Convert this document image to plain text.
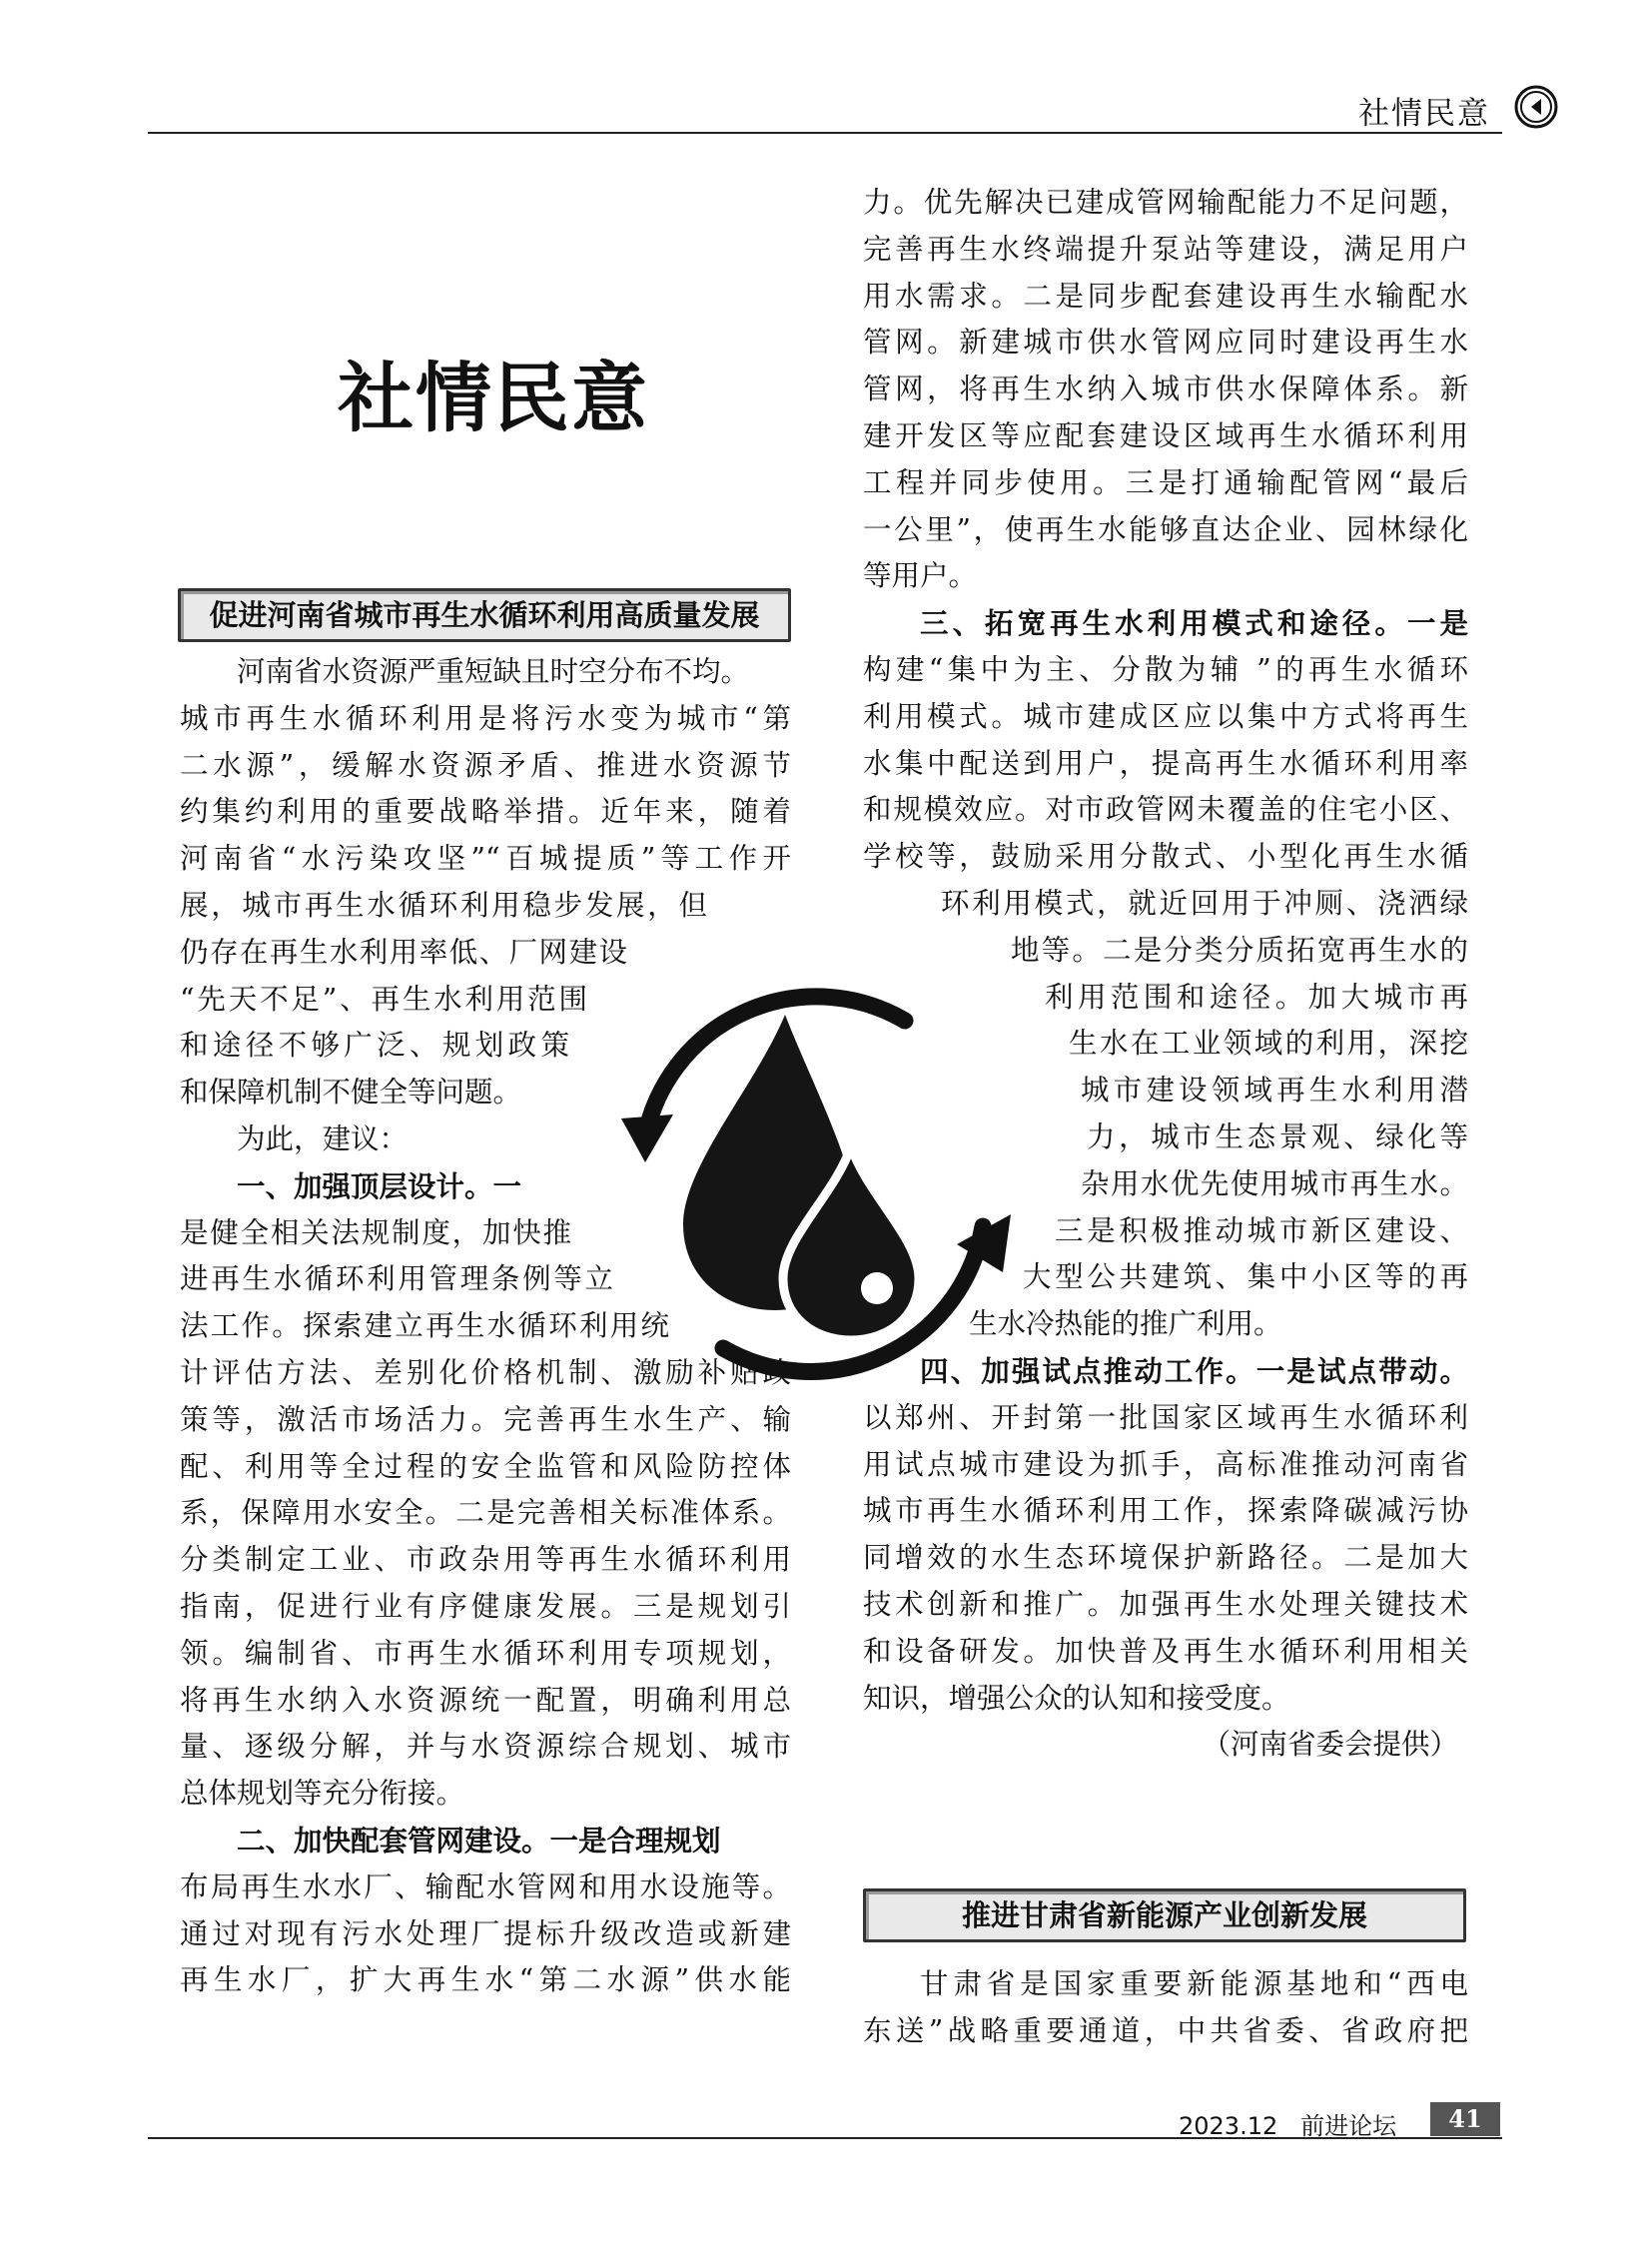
社情民意
社情民意
促进河南省城市再生水循环利用高质量发展
河南省水资源严重短缺且时空分布不均。
城市再生水循环利用是将污水变为城市“第
二水源”，缓解水资源矛盾、推进水资源节
约集约利用的重要战略举措。近年来，随着
河南省“水污染攻坚”“百城提质”等工作开
展，城市再生水循环利用稳步发展，但
仍存在再生水利用率低、厂网建设
“先天不足”、再生水利用范围
和途径不够广泛、规划政策
和保障机制不健全等问题。
为此，建议：
一、加强顶层设计。一
是健全相关法规制度，加快推
进再生水循环利用管理条例等立
法工作。探索建立再生水循环利用统
计评估方法、差别化价格机制、激励补贴政
策等，激活市场活力。完善再生水生产、输
配、利用等全过程的安全监管和风险防控体
系，保障用水安全。二是完善相关标准体系。
分类制定工业、市政杂用等再生水循环利用
指南，促进行业有序健康发展。三是规划引
领。编制省、市再生水循环利用专项规划，
将再生水纳入水资源统一配置，明确利用总
量、逐级分解，并与水资源综合规划、城市
总体规划等充分衔接。
二、加快配套管网建设。一是合理规划
布局再生水水厂、输配水管网和用水设施等。
通过对现有污水处理厂提标升级改造或新建
再生水厂，扩大再生水“第二水源”供水能
力。优先解决已建成管网输配能力不足问题，
完善再生水终端提升泵站等建设，满足用户
用水需求。二是同步配套建设再生水输配水
管网。新建城市供水管网应同时建设再生水
管网，将再生水纳入城市供水保障体系。新
建开发区等应配套建设区域再生水循环利用
工程并同步使用。三是打通输配管网“最后
一公里”，使再生水能够直达企业、园林绿化
等用户。
三、拓宽再生水利用模式和途径。一是
构建“集中为主、分散为辅 ”的再生水循环
利用模式。城市建成区应以集中方式将再生
水集中配送到用户，提高再生水循环利用率
和规模效应。对市政管网未覆盖的住宅小区、
学校等，鼓励采用分散式、小型化再生水循
环利用模式，就近回用于冲厕、浇洒绿
地等。二是分类分质拓宽再生水的
利用范围和途径。加大城市再
生水在工业领域的利用，深挖
城市建设领域再生水利用潜
力，城市生态景观、绿化等
杂用水优先使用城市再生水。
三是积极推动城市新区建设、
大型公共建筑、集中小区等的再
生水冷热能的推广利用。
四、加强试点推动工作。一是试点带动。
以郑州、开封第一批国家区域再生水循环利
用试点城市建设为抓手，高标准推动河南省
城市再生水循环利用工作，探索降碳减污协
同增效的水生态环境保护新路径。二是加大
技术创新和推广。加强再生水处理关键技术
和设备研发。加快普及再生水循环利用相关
知识，增强公众的认知和接受度。
（河南省委会提供）
推进甘肃省新能源产业创新发展
甘肃省是国家重要新能源基地和“西电
东送”战略重要通道，中共省委、省政府把
2023.12 前进论坛	41
